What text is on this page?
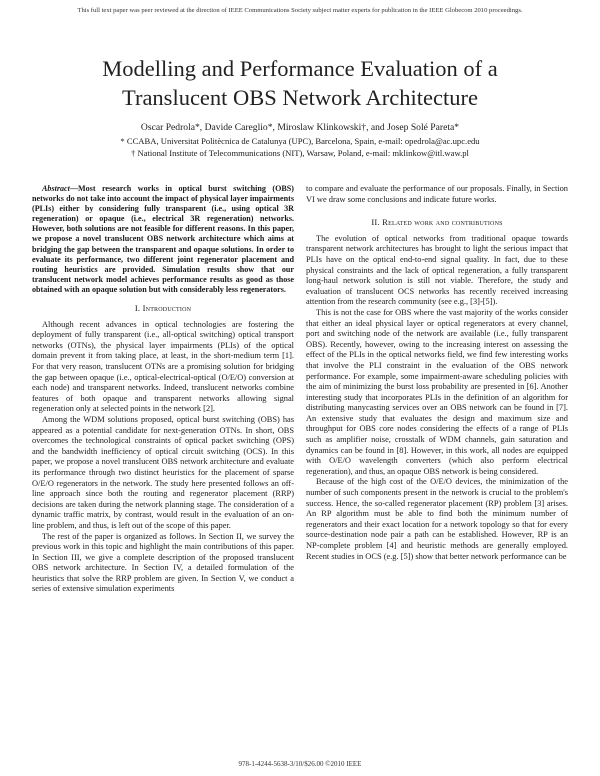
This full text paper was peer reviewed at the direction of IEEE Communications Society subject matter experts for publication in the IEEE Globecom 2010 proceedings.
Modelling and Performance Evaluation of a
Translucent OBS Network Architecture
Oscar Pedrola*, Davide Careglio*, Miroslaw Klinkowski†, and Josep Solé Pareta*
* CCABA, Universitat Politècnica de Catalunya (UPC), Barcelona, Spain, e-mail: opedrola@ac.upc.edu
† National Institute of Telecommunications (NIT), Warsaw, Poland, e-mail: mklinkow@itl.waw.pl

Abstract—Most research works in optical burst switching (OBS) networks do not take into account the impact of physical layer impairments (PLIs) either by considering fully transparent (i.e., using optical 3R regeneration) or opaque (i.e., electrical 3R regeneration) networks. However, both solutions are not feasible for different reasons. In this paper, we propose a novel translucent OBS network architecture which aims at bridging the gap between the transparent and opaque solutions. In order to evaluate its performance, two different joint regenerator placement and routing heuristics are provided. Simulation results show that our translucent network model achieves performance results as good as those obtained with an opaque solution but with considerably less regenerators.

I. Introduction

Although recent advances in optical technologies are fostering the deployment of fully transparent (i.e., all-optical switching) optical transport networks (OTNs), the physical layer impairments (PLIs) of the optical domain prevent it from taking place, at least, in the short-medium term [1]. For that very reason, translucent OTNs are a promising solution for bridging the gap between opaque (i.e., optical-electrical-optical (O/E/O) conversion at each node) and transparent networks. Indeed, translucent networks combine features of both opaque and transparent networks allowing signal regeneration only at selected points in the network [2].

Among the WDM solutions proposed, optical burst switching (OBS) has appeared as a potential candidate for next-generation OTNs. In short, OBS overcomes the technological constraints of optical packet switching (OPS) and the bandwidth inefficiency of optical circuit switching (OCS). In this paper, we propose a novel translucent OBS network architecture and evaluate its performance through two distinct heuristics for the placement of sparse O/E/O regenerators in the network. The study here presented follows an off-line approach since both the routing and regenerator placement (RRP) decisions are taken during the network planning stage. The consideration of a dynamic traffic matrix, by contrast, would result in the evaluation of an on-line problem, and thus, is left out of the scope of this paper.

The rest of the paper is organized as follows. In Section II, we survey the previous work in this topic and highlight the main contributions of this paper. In Section III, we give a complete description of the proposed translucent OBS network architecture. In Section IV, a detailed formulation of the heuristics that solve the RRP problem are given. In Section V, we conduct a series of extensive simulation experiments

to compare and evaluate the performance of our proposals. Finally, in Section VI we draw some conclusions and indicate future works.

II. Related work and contributions

The evolution of optical networks from traditional opaque towards transparent network architectures has brought to light the serious impact that PLIs have on the optical end-to-end signal quality. In fact, due to these physical constraints and the lack of optical regeneration, a fully transparent long-haul network solution is still not viable. Therefore, the study and evaluation of translucent OCS networks has recently received increasing attention from the research community (see e.g., [3]-[5]).

This is not the case for OBS where the vast majority of the works consider that either an ideal physical layer or optical regenerators at every channel, port and switching node of the network are available (i.e., fully transparent OBS). Recently, however, owing to the increasing interest on assessing the effect of the PLIs in the optical networks field, we find few interesting works that involve the PLI constraint in the evaluation of the OBS network performance. For example, some impairment-aware scheduling policies with the aim of minimizing the burst loss probability are presented in [6]. Another interesting study that incorporates PLIs in the definition of an algorithm for distributing manycasting services over an OBS network can be found in [7]. An extensive study that evaluates the design and maximum size and throughput for OBS core nodes considering the effects of a range of PLIs such as amplifier noise, crosstalk of WDM channels, gain saturation and dynamics can be found in [8]. However, in this work, all nodes are equipped with O/E/O wavelength converters (which also perform electrical regeneration), and thus, an opaque OBS network is being considered.

Because of the high cost of the O/E/O devices, the minimization of the number of such components present in the network is crucial to the problem's success. Hence, the so-called regenerator placement (RP) problem [3] arises. An RP algorithm must be able to find both the minimum number of regenerators and their exact location for a network topology so that for every source-destination node pair a path can be established. However, RP is an NP-complete problem [4] and heuristic methods are generally employed. Recent studies in OCS (e.g. [5]) show that better network performance can be

978-1-4244-5638-3/10/$26.00 ©2010 IEEE
